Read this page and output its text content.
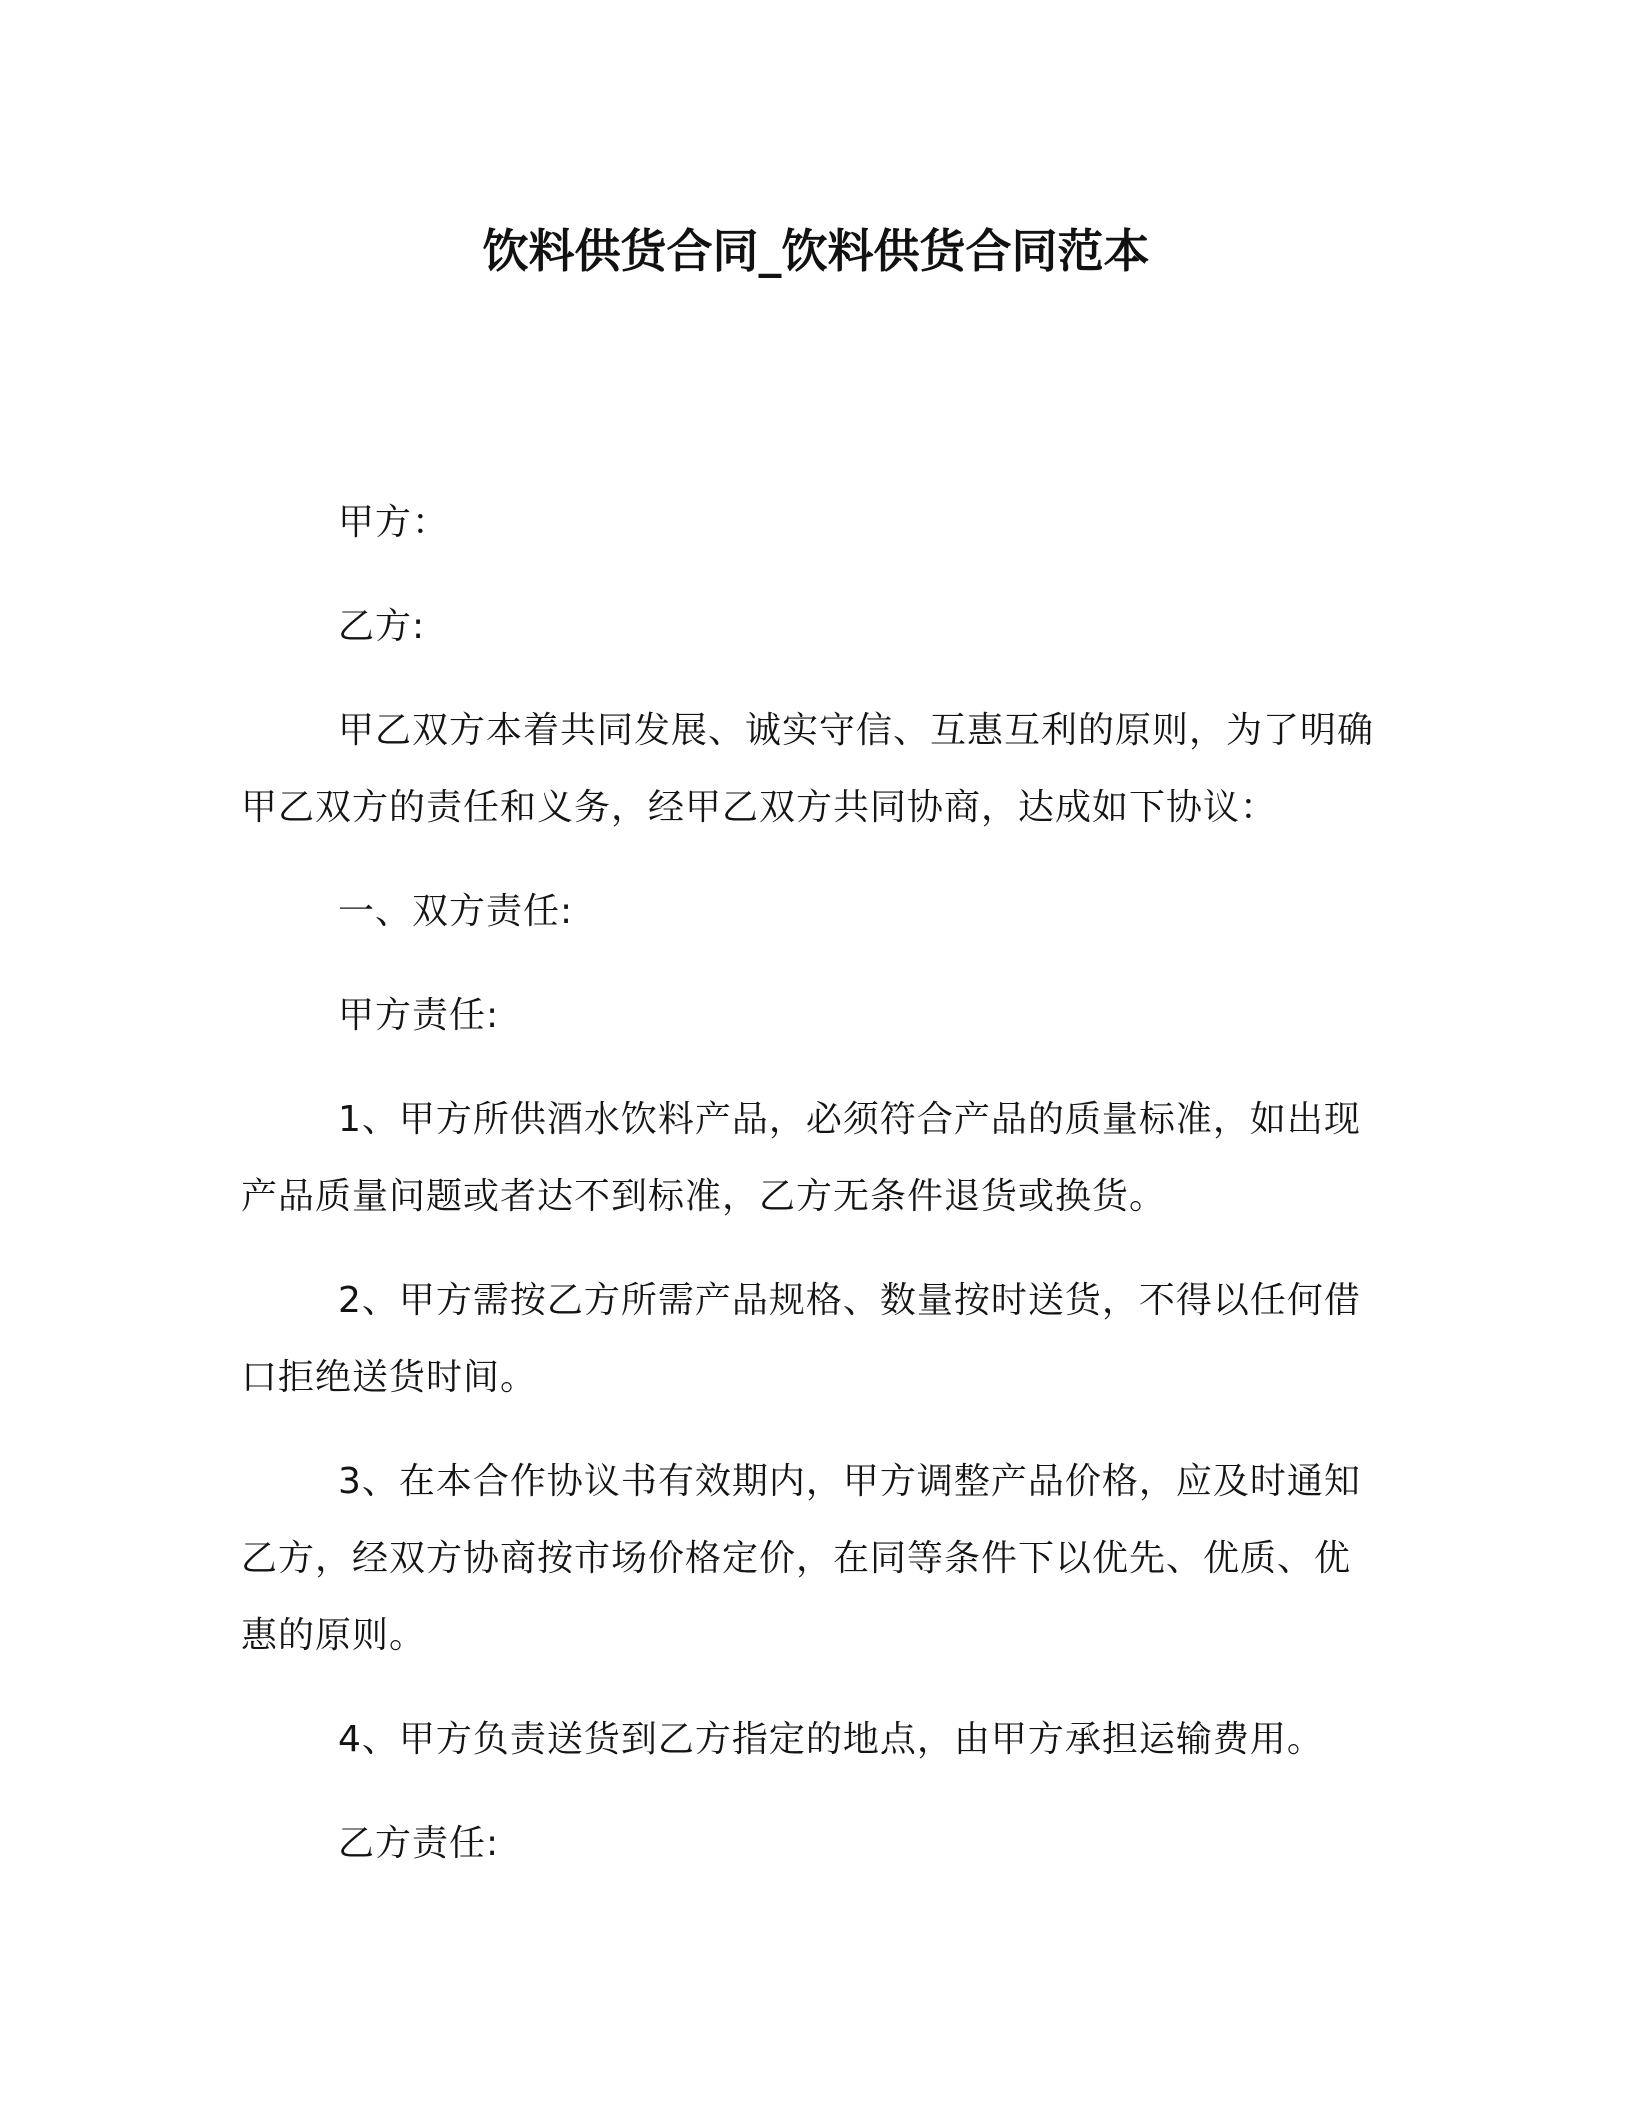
饮料供货合同_饮料供货合同范本
甲方：
乙方:
甲乙双方本着共同发展、诚实守信、互惠互利的原则，为了明确
甲乙双方的责任和义务，经甲乙双方共同协商，达成如下协议：
一、双方责任:
甲方责任:
1、甲方所供酒水饮料产品，必须符合产品的质量标准，如出现
产品质量问题或者达不到标准，乙方无条件退货或换货。
2、甲方需按乙方所需产品规格、数量按时送货，不得以任何借
口拒绝送货时间。
3、在本合作协议书有效期内，甲方调整产品价格，应及时通知
乙方，经双方协商按市场价格定价，在同等条件下以优先、优质、优
惠的原则。
4、甲方负责送货到乙方指定的地点，由甲方承担运输费用。
乙方责任:
